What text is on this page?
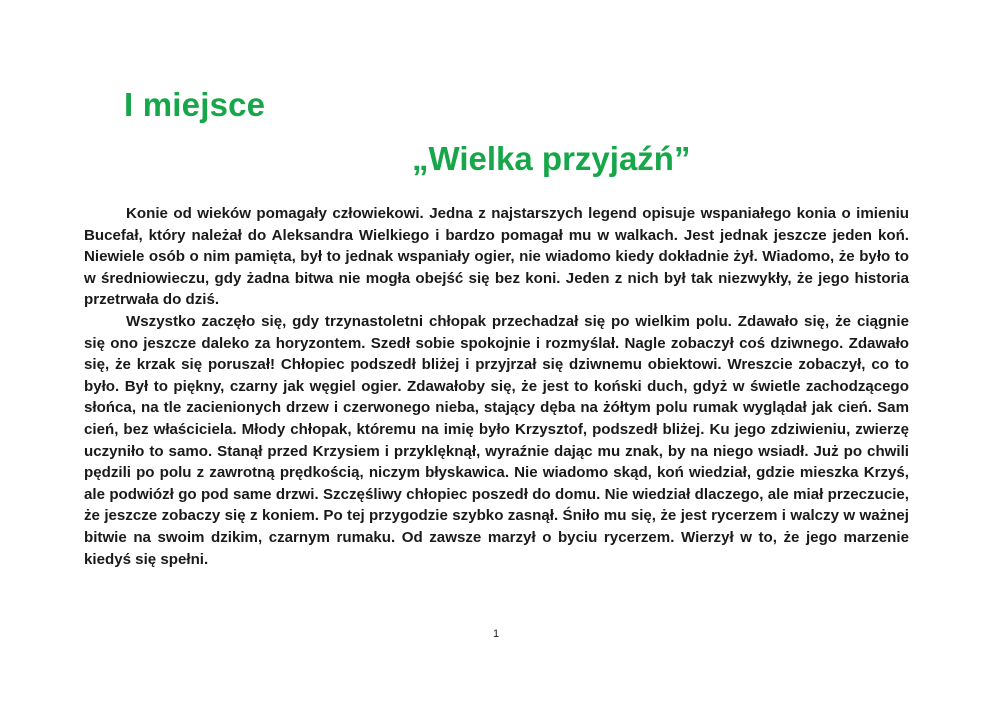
I miejsce
„Wielka przyjaźń”

Konie od wieków pomagały człowiekowi. Jedna z najstarszych legend opisuje wspaniałego konia o imieniu Bucefał, który należał do Aleksandra Wielkiego i bardzo pomagał mu w walkach. Jest jednak jeszcze jeden koń. Niewiele osób o nim pamięta, był to jednak wspaniały ogier, nie wiadomo kiedy dokładnie żył. Wiadomo, że było to w średniowieczu, gdy żadna bitwa nie mogła obejść się bez koni. Jeden z nich był tak niezwykły, że jego historia przetrwała do dziś.

Wszystko zaczęło się, gdy trzynastoletni chłopak przechadzał się po wielkim polu. Zdawało się, że ciągnie się ono jeszcze daleko za horyzontem. Szedł sobie spokojnie i rozmyślał. Nagle zobaczył coś dziwnego. Zdawało się, że krzak się poruszał! Chłopiec podszedł bliżej i przyjrzał się dziwnemu obiektowi. Wreszcie zobaczył, co to było. Był to piękny, czarny jak węgiel ogier. Zdawałoby się, że jest to koński duch, gdyż w świetle zachodzącego słońca, na tle zacienionych drzew i czerwonego nieba, stający dęba na żółtym polu rumak wyglądał jak cień. Sam cień, bez właściciela. Młody chłopak, któremu na imię było Krzysztof, podszedł bliżej. Ku jego zdziwieniu, zwierzę uczyniło to samo. Stanął przed Krzysiem i przyklęknął, wyraźnie dając mu znak, by na niego wsiadł. Już po chwili pędzili po polu z zawrotną prędkością, niczym błyskawica. Nie wiadomo skąd, koń wiedział, gdzie mieszka Krzyś, ale podwiózł go pod same drzwi. Szczęśliwy chłopiec poszedł do domu. Nie wiedział dlaczego, ale miał przeczucie, że jeszcze zobaczy się z koniem. Po tej przygodzie szybko zasnął. Śniło mu się, że jest rycerzem i walczy w ważnej bitwie na swoim dzikim, czarnym rumaku. Od zawsze marzył o byciu rycerzem. Wierzył w to, że jego marzenie kiedyś się spełni.

1
